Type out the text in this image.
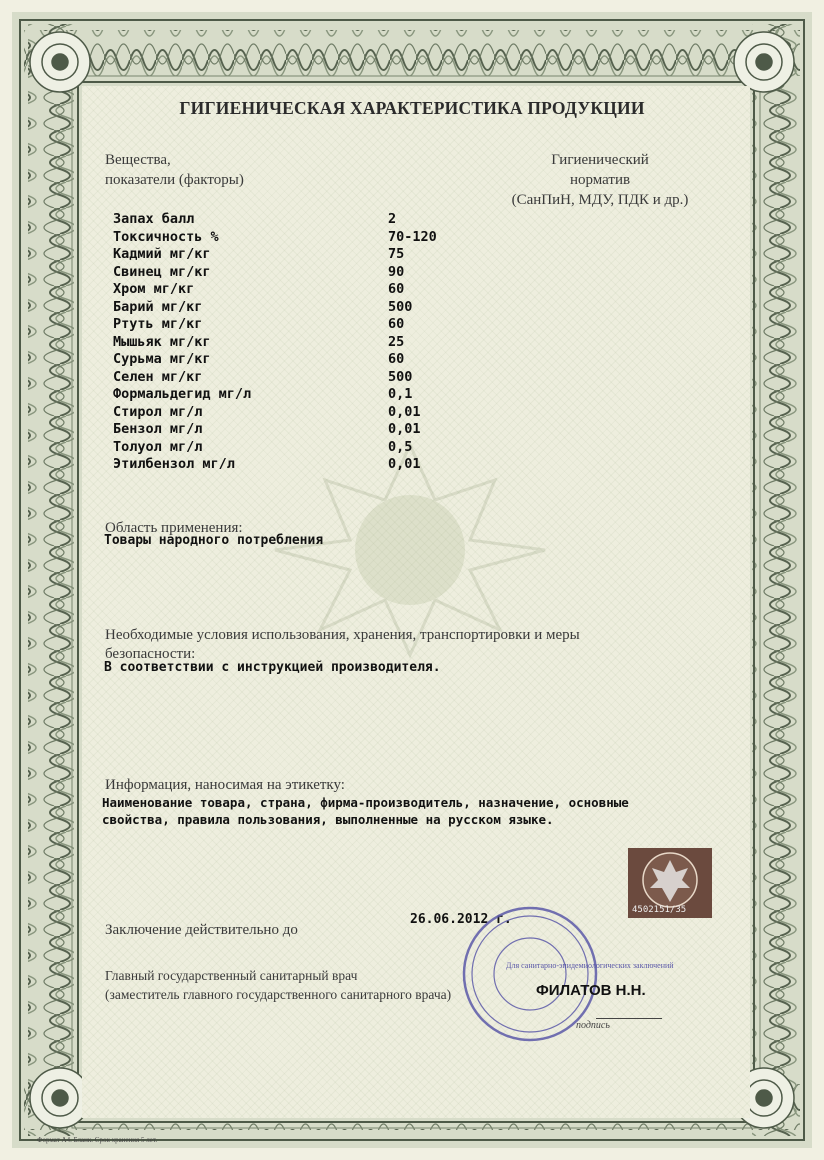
ГИГИЕНИЧЕСКАЯ ХАРАКТЕРИСТИКА ПРОДУКЦИИ
Вещества,
показатели (факторы)
Гигиенический
норматив
(СанПиН, МДУ, ПДК и др.)
Запах балл	2
Токсичность %	70-120
Кадмий мг/кг	75
Свинец мг/кг	90
Хром мг/кг	60
Барий мг/кг	500
Ртуть мг/кг	60
Мышьяк мг/кг	25
Сурьма мг/кг	60
Селен мг/кг	500
Формальдегид мг/л	0,1
Стирол мг/л	0,01
Бензол мг/л	0,01
Толуол мг/л	0,5
Этилбензол мг/л	0,01
Область применения:
Товары народного потребления
Необходимые условия использования, хранения, транспортировки и меры
безопасности:
В соответствии с инструкцией производителя.
Информация, наносимая на этикетку:
Наименование товара, страна, фирма-производитель, назначение, основные
свойства, правила пользования, выполненные на русском языке.
4502151/35
Заключение действительно до
26.06.2012 г.
Главный государственный санитарный врач
(заместитель главного государственного санитарного врача)
Для санитарно-эпидемиологических заключений
ФИЛАТОВ Н.Н.
подпись
Формат А4. Бланк. Срок хранения 5 лет.
